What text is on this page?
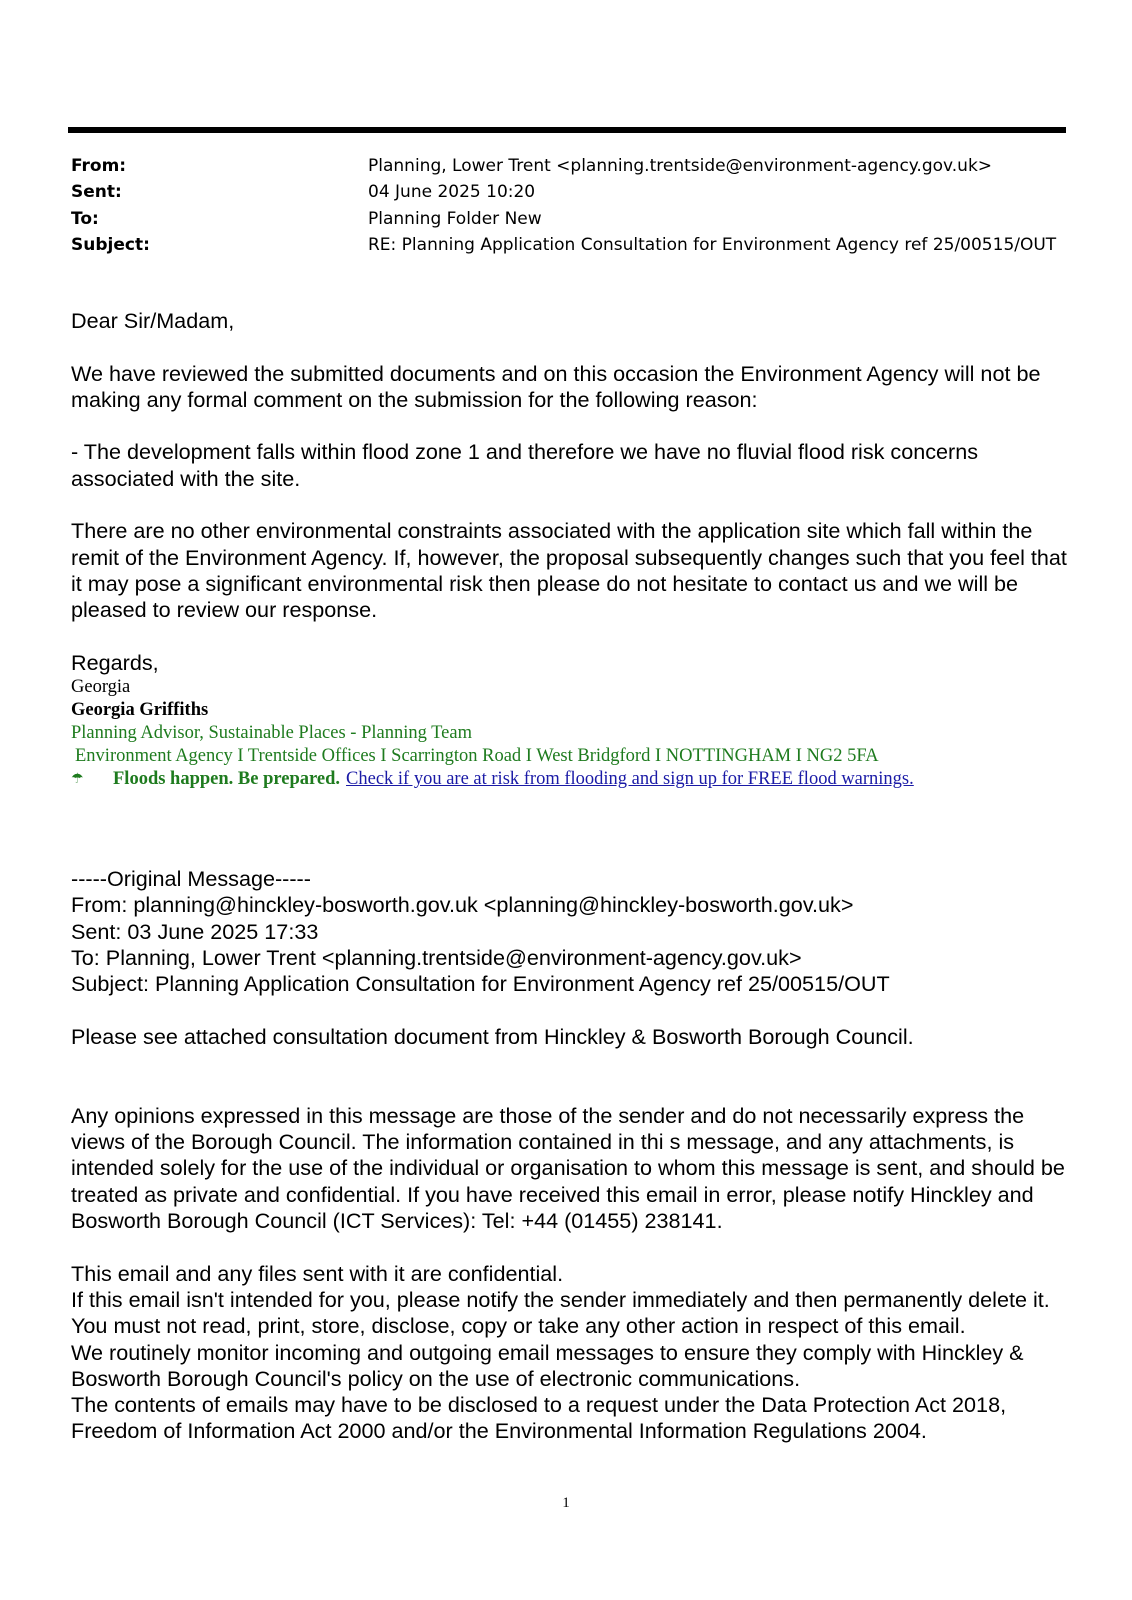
From:	Planning, Lower Trent <planning.trentside@environment-agency.gov.uk>
Sent:	04 June 2025 10:20
To:	Planning Folder New
Subject:	RE: Planning Application Consultation for Environment Agency ref 25/00515/OUT

Dear Sir/Madam,

We have reviewed the submitted documents and on this occasion the Environment Agency will not be making any formal comment on the submission for the following reason:

- The development falls within flood zone 1 and therefore we have no fluvial flood risk concerns associated with the site.

There are no other environmental constraints associated with the application site which fall within the remit of the Environment Agency. If, however, the proposal subsequently changes such that you feel that it may pose a significant environmental risk then please do not hesitate to contact us and we will be pleased to review our response.

Regards,

Georgia
Georgia Griffiths
Planning Advisor, Sustainable Places - Planning Team
Environment Agency I Trentside Offices I Scarrington Road I West Bridgford I NOTTINGHAM I NG2 5FA
☂	Floods happen. Be prepared. Check if you are at risk from flooding and sign up for FREE flood warnings.

-----Original Message-----

From: planning@hinckley-bosworth.gov.uk <planning@hinckley-bosworth.gov.uk>

Sent: 03 June 2025 17:33

To: Planning, Lower Trent <planning.trentside@environment-agency.gov.uk>

Subject: Planning Application Consultation for Environment Agency ref 25/00515/OUT

Please see attached consultation document from Hinckley & Bosworth Borough Council.

Any opinions expressed in this message are those of the sender and do not necessarily express the views of the Borough Council. The information contained in thi s message, and any attachments, is intended solely for the use of the individual or organisation to whom this message is sent, and should be treated as private and confidential. If you have received this email in error, please notify Hinckley and Bosworth Borough Council (ICT Services): Tel: +44 (01455) 238141.

This email and any files sent with it are confidential.

If this email isn't intended for you, please notify the sender immediately and then permanently delete it.

You must not read, print, store, disclose, copy or take any other action in respect of this email.

We routinely monitor incoming and outgoing email messages to ensure they comply with Hinckley & Bosworth Borough Council's policy on the use of electronic communications.

The contents of emails may have to be disclosed to a request under the Data Protection Act 2018, Freedom of Information Act 2000 and/or the Environmental Information Regulations 2004.

1
